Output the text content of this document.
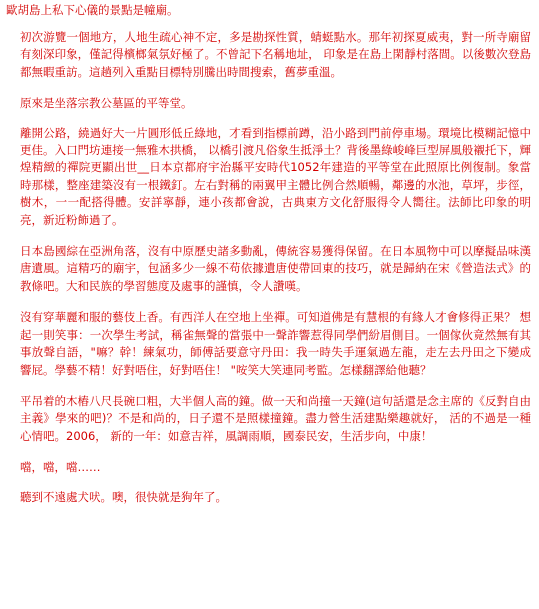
歐胡島上私下心儀的景點是幢廟。
初次游覽一個地方，人地生疏心神不定，多是勘探性質，蜻蜓點水。那年初探夏威夷，對一所寺廟留有刻深印象，僅記得檳榔氣氛好極了。不曾記下名稱地址， 印象是在島上閑靜村落間。以後數次登島都無暇重訪。這趟列入重點目標特別騰出時間搜索，舊夢重溫。
原來是坐落宗教公墓區的平等堂。
離開公路，繞過好大一片圓形低丘綠地，才看到指標前蹲，沿小路到門前停車場。環境比模糊記憶中更佳。入口門坊連接一無雅木拱橋， 以橋引渡凡俗象生抵淨土？背後墨綠峻峰巨型屏風般襯托下，輝煌精緻的禪院更顯出世__日本京都府宇治縣平安時代1052年建造的平等堂在此照原比例復制。象當時那樣，整座建築沒有一根鐵釘。左右對稱的兩翼甲主體比例合然順暢，鄰邊的水池，草坪，步徑，樹木，一一配搭得體。安詳寧靜，連小孩都會說，古典東方文化舒服得令人嚮往。法師比印象的明亮，新近粉飾過了。
日本島國綜在亞洲角落，沒有中原歷史諸多動亂，傳統容易獲得保留。在日本風物中可以摩擬品味漢唐遺風。這精巧的廟宇，包涵多少一線不苟依據遺唐使帶回東的技巧，就是歸納在宋《營造法式》的教條吧。大和民族的學習態度及處事的謹慎，令人讚嘆。
沒有穿華麗和服的藝伎上香。有西洋人在空地上坐禪。可知道佛是有慧根的有緣人才會修得正果？ 想起一則笑事：一次學生考試，稱雀無聲的當張中一聲詐響惹得同學們紛眉側目。一個傢伙竟然無有其事放聲自語，"嘛？幹！練氣功，師傅話要意守丹田：我一時失手運氣過左龍，走左去丹田之下變成響屁。學藝不精！好對唔住，好對唔住！ "咹笑大笑連同考監。怎樣翻譯給他聽？
平吊着的木樁八尺長碗口粗，大半個人高的鐘。做一天和尚撞一天鐘(這句話還是念主席的《反對自由主義》學來的吧)？不是和尚的，日子還不是照樣撞鐘。盡力營生活建點樂趣就好， 活的不過是一種心情吧。2006， 新的一年：如意吉祥，風調雨順，國泰民安，生活步向，中康！
噹，噹，噹……
聽到不遠處犬吠。噢，很快就是狗年了。
